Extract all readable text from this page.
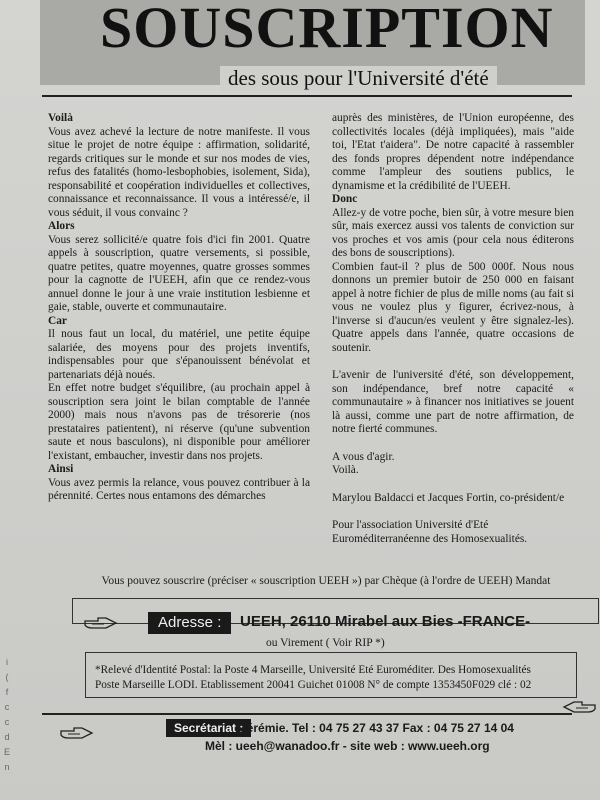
SOUSCRIPTION
des sous pour l'Université d'été
Voilà

Vous avez achevé la lecture de notre manifeste. Il vous situe le projet de notre équipe : affirmation, solidarité, regards critiques sur le monde et sur nos modes de vies, refus des fatalités (homo-lesbophobies, isolement, Sida), responsabilité et coopération individuelles et collectives, connaissance et reconnaissance. Il vous a intéressé/e, il vous séduit, il vous convainc ?

Alors

Vous serez sollicité/e quatre fois d'ici fin 2001. Quatre appels à souscription, quatre versements, si possible, quatre petites, quatre moyennes, quatre grosses sommes pour la cagnotte de l'UEEH, afin que ce rendez-vous annuel donne le jour à une vraie institution lesbienne et gaie, stable, ouverte et communautaire.

Car

Il nous faut un local, du matériel, une petite équipe salariée, des moyens pour des projets inventifs, indispensables pour que s'épanouissent bénévolat et partenariats déjà noués.

En effet notre budget s'équilibre, (au prochain appel à souscription sera joint le bilan comptable de l'année 2000) mais nous n'avons pas de trésorerie (nos prestataires patientent), ni réserve (qu'une subvention saute et nous basculons), ni disponible pour améliorer l'existant, embaucher, investir dans nos projets.

Ainsi

Vous avez permis la relance, vous pouvez contribuer à la pérennité. Certes nous entamons des démarches

auprès des ministères, de l'Union européenne, des collectivités locales (déjà impliquées), mais "aide toi, l'Etat t'aidera". De notre capacité à rassembler des fonds propres dépendent notre indépendance comme l'ampleur des soutiens publics, le dynamisme et la crédibilité de l'UEEH.

Donc

Allez-y de votre poche, bien sûr, à votre mesure bien sûr, mais exercez aussi vos talents de conviction sur vos proches et vos amis (pour cela nous éditerons des bons de souscriptions).

Combien faut-il ? plus de 500 000f. Nous nous donnons un premier butoir de 250 000 en faisant appel à notre fichier de plus de mille noms (au fait si vous ne voulez plus y figurer, écrivez-nous, à l'inverse si d'aucun/es veulent y être signalez-les). Quatre appels dans l'année, quatre occasions de soutenir.

L'avenir de l'université d'été, son développement, son indépendance, bref notre capacité « communautaire » à financer nos initiatives se jouent là aussi, comme une part de notre affirmation, de notre fierté communes.

A vous d'agir.

Voilà.

Marylou Baldacci et Jacques Fortin, co-président/e

Pour l'association Université d'Eté

Euroméditerranéenne des Homosexualités.

Vous pouvez souscrire (préciser « souscription UEEH ») par Chèque (à l'ordre de UEEH) Mandat
Adresse :	UEEH, 26110 Mirabel aux Bies -FRANCE-
ou Virement ( Voir RIP *)
*Relevé d'Identité Postal: la Poste 4 Marseille, Université Eté Euroméditer. Des Homosexualités
Poste Marseille LODI. Etablissement 20041 Guichet 01008 N° de compte 1353450F029 clé : 02
Secrétariat :
Jérémie. Tel : 04 75 27 43 37 Fax : 04 75 27 14 04
Mèl : ueeh@wanadoo.fr - site web : www.ueeh.org
i
(
f
c
c
d
E
n
